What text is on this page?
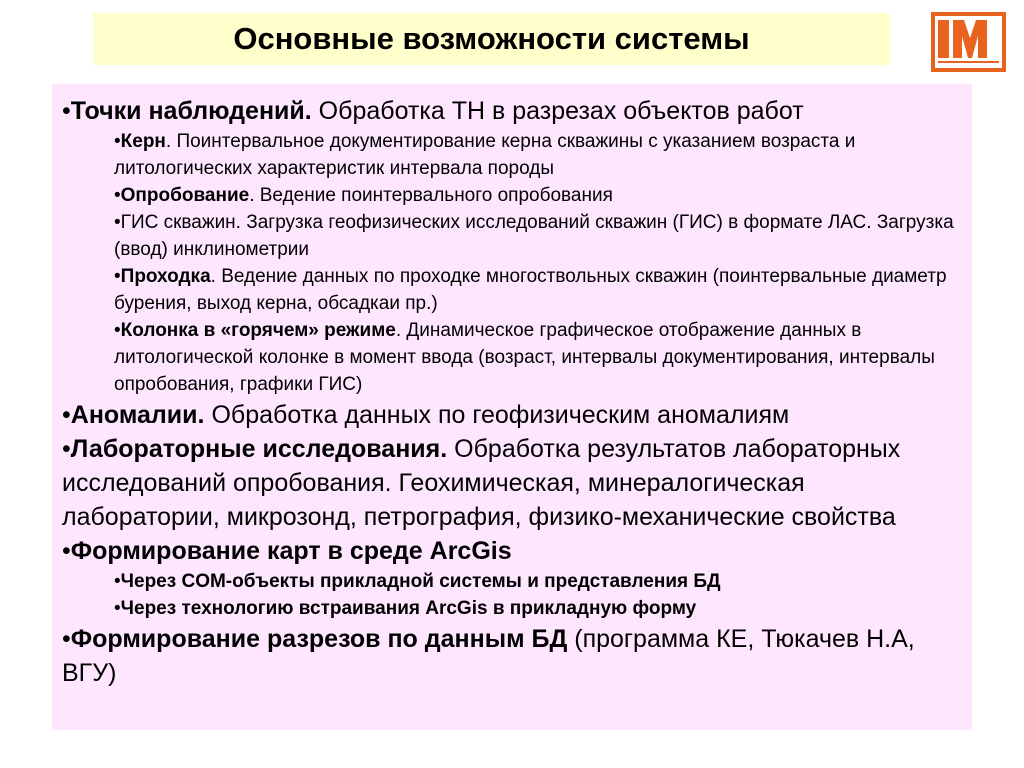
Основные возможности системы

•Точки наблюдений. Обработка ТН в разрезах объектов работ

•Керн. Поинтервальное документирование керна скважины с указанием возраста и литологических характеристик интервала породы

•Опробование. Ведение поинтервального опробования

•ГИС скважин. Загрузка геофизических исследований скважин (ГИС) в формате ЛАС. Загрузка (ввод) инклинометрии

•Проходка. Ведение данных по проходке многоствольных скважин (поинтервальные диаметр бурения, выход керна, обсадкаи пр.)

•Колонка в «горячем» режиме. Динамическое графическое отображение данных в литологической колонке в момент ввода (возраст, интервалы документирования, интервалы опробования, графики ГИС)

•Аномалии. Обработка данных по геофизическим аномалиям

•Лабораторные исследования. Обработка результатов лабораторных исследований опробования. Геохимическая, минералогическая лаборатории, микрозонд, петрография, физико-механические свойства

•Формирование карт в среде ArcGis

•Через COM-объекты прикладной системы и представления БД

•Через технологию встраивания ArcGis в прикладную форму

•Формирование разрезов по данным БД (программа КЕ, Тюкачев Н.А, ВГУ)
